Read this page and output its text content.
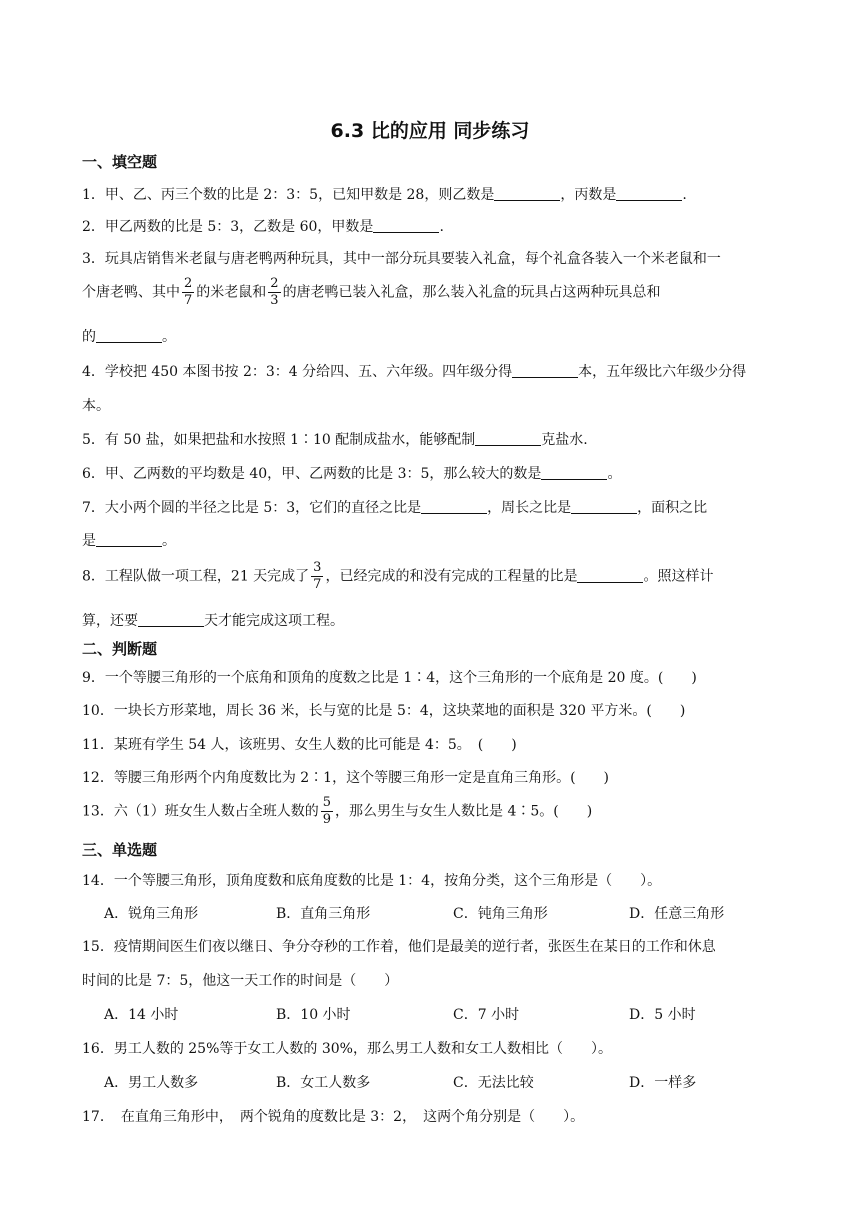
6.3 比的应用 同步练习
一、填空题
1．甲、乙、丙三个数的比是 2：3：5，已知甲数是 28，则乙数是	，丙数是	.
2．甲乙两数的比是 5：3，乙数是 60，甲数是	.
3．玩具店销售米老鼠与唐老鸭两种玩具，其中一部分玩具要装入礼盒，每个礼盒各装入一个米老鼠和一
个唐老鸭、其中 $\frac{2}{7}$ 的米老鼠和 $\frac{2}{3}$ 的唐老鸭已装入礼盒，那么装入礼盒的玩具占这两种玩具总和
的	。
4．学校把 450 本图书按 2：3：4 分给四、五、六年级。四年级分得	本，五年级比六年级少分得
本。
5．有 50 盐，如果把盐和水按照 1∶10 配制成盐水，能够配制	克盐水.
6．甲、乙两数的平均数是 40，甲、乙两数的比是 3：5，那么较大的数是	。
7．大小两个圆的半径之比是 5：3，它们的直径之比是	，周长之比是	，面积之比
是	。
8．工程队做一项工程，21 天完成了 $\frac{3}{7}$ ，已经完成的和没有完成的工程量的比是	。照这样计
算，还要	天才能完成这项工程。
二、判断题
9．一个等腰三角形的一个底角和顶角的度数之比是 1∶4，这个三角形的一个底角是 20 度。(　　)
10．一块长方形菜地，周长 36 米，长与宽的比是 5：4，这块菜地的面积是 320 平方米。(　　)
11．某班有学生 54 人，该班男、女生人数的比可能是 4：5。　(　　)
12．等腰三角形两个内角度数比为 2∶1，这个等腰三角形一定是直角三角形。(　　)
13．六（1）班女生人数占全班人数的 $\frac{5}{9}$ ，那么男生与女生人数比是 4∶5。(　　)
三、单选题
14．一个等腰三角形，顶角度数和底角度数的比是 1：4，按角分类，这个三角形是（　　）。
A．锐角三角形	B．直角三角形	C．钝角三角形	D．任意三角形
15．疫情期间医生们夜以继日、争分夺秒的工作着，他们是最美的逆行者，张医生在某日的工作和休息
时间的比是 7：5，他这一天工作的时间是（　　）
A．14 小时	B．10 小时	C．7 小时	D．5 小时
16．男工人数的 25%等于女工人数的 30%，那么男工人数和女工人数相比（　　）。
A．男工人数多	B．女工人数多	C．无法比较	D．一样多
17．　在直角三角形中，　两个锐角的度数比是 3：2，　这两个角分别是（　　）。
